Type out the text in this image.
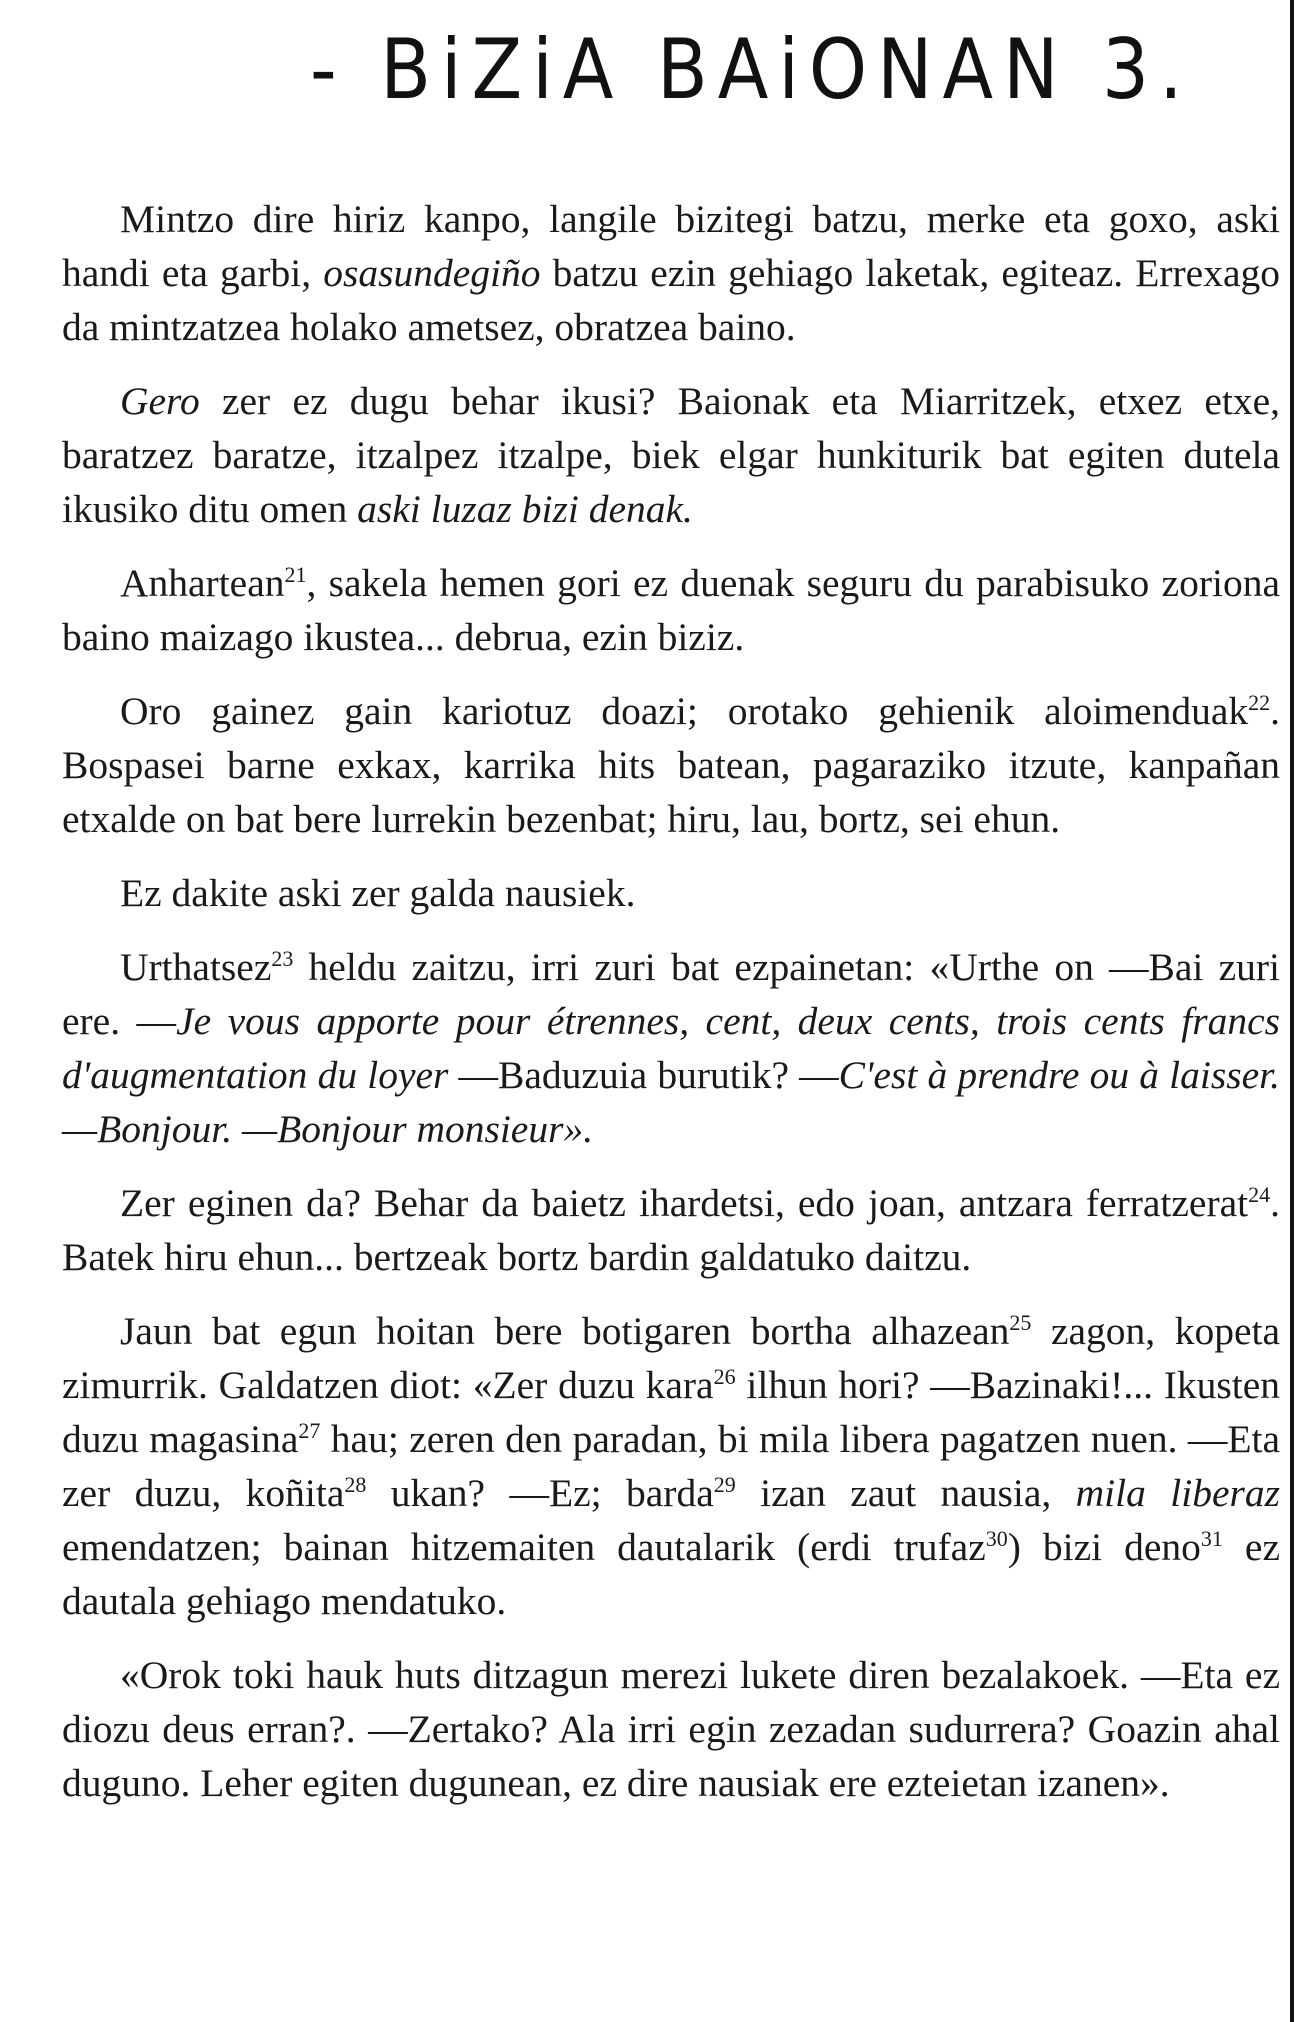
- BiZiA BAiONAN 3.

Mintzo dire hiriz kanpo, langile bizitegi batzu, merke eta goxo, aski handi eta garbi, osasundegiño batzu ezin gehiago laketak, egiteaz. Errexago da mintzatzea holako ametsez, obratzea baino.

Gero zer ez dugu behar ikusi? Baionak eta Miarritzek, etxez etxe, baratzez baratze, itzalpez itzalpe, biek elgar hunkiturik bat egiten dutela ikusiko ditu omen aski luzaz bizi denak.

Anhartean$^{21}$, sakela hemen gori ez duenak seguru du parabisuko zoriona baino maizago ikustea... debrua, ezin biziz.

Oro gainez gain kariotuz doazi; orotako gehienik aloimenduak$^{22}$. Bospasei barne exkax, karrika hits batean, pagaraziko itzute, kanpañan etxalde on bat bere lurrekin bezenbat; hiru, lau, bortz, sei ehun.

Ez dakite aski zer galda nausiek.

Urthatsez$^{23}$ heldu zaitzu, irri zuri bat ezpainetan: «Urthe on —Bai zuri ere. —Je vous apporte pour étrennes, cent, deux cents, trois cents francs d'augmentation du loyer —Baduzuia burutik? —C'est à prendre ou à laisser. —Bonjour. —Bonjour monsieur».

Zer eginen da? Behar da baietz ihardetsi, edo joan, antzara ferratzerat$^{24}$. Batek hiru ehun... bertzeak bortz bardin galdatuko daitzu.

Jaun bat egun hoitan bere botigaren bortha alhazean$^{25}$ zagon, kopeta zimurrik. Galdatzen diot: «Zer duzu kara$^{26}$ ilhun hori? —Bazinaki!... Ikusten duzu magasina$^{27}$ hau; zeren den paradan, bi mila libera pagatzen nuen. —Eta zer duzu, koñita$^{28}$ ukan? —Ez; barda$^{29}$ izan zaut nausia, mila liberaz emendatzen; bainan hitzemaiten dautalarik (erdi trufaz$^{30}$) bizi deno$^{31}$ ez dautala gehiago mendatuko.

«Orok toki hauk huts ditzagun merezi lukete diren bezalakoek. —Eta ez diozu deus erran?. —Zertako? Ala irri egin zezadan sudurrera? Goazin ahal duguno. Leher egiten dugunean, ez dire nausiak ere ezteietan izanen».
